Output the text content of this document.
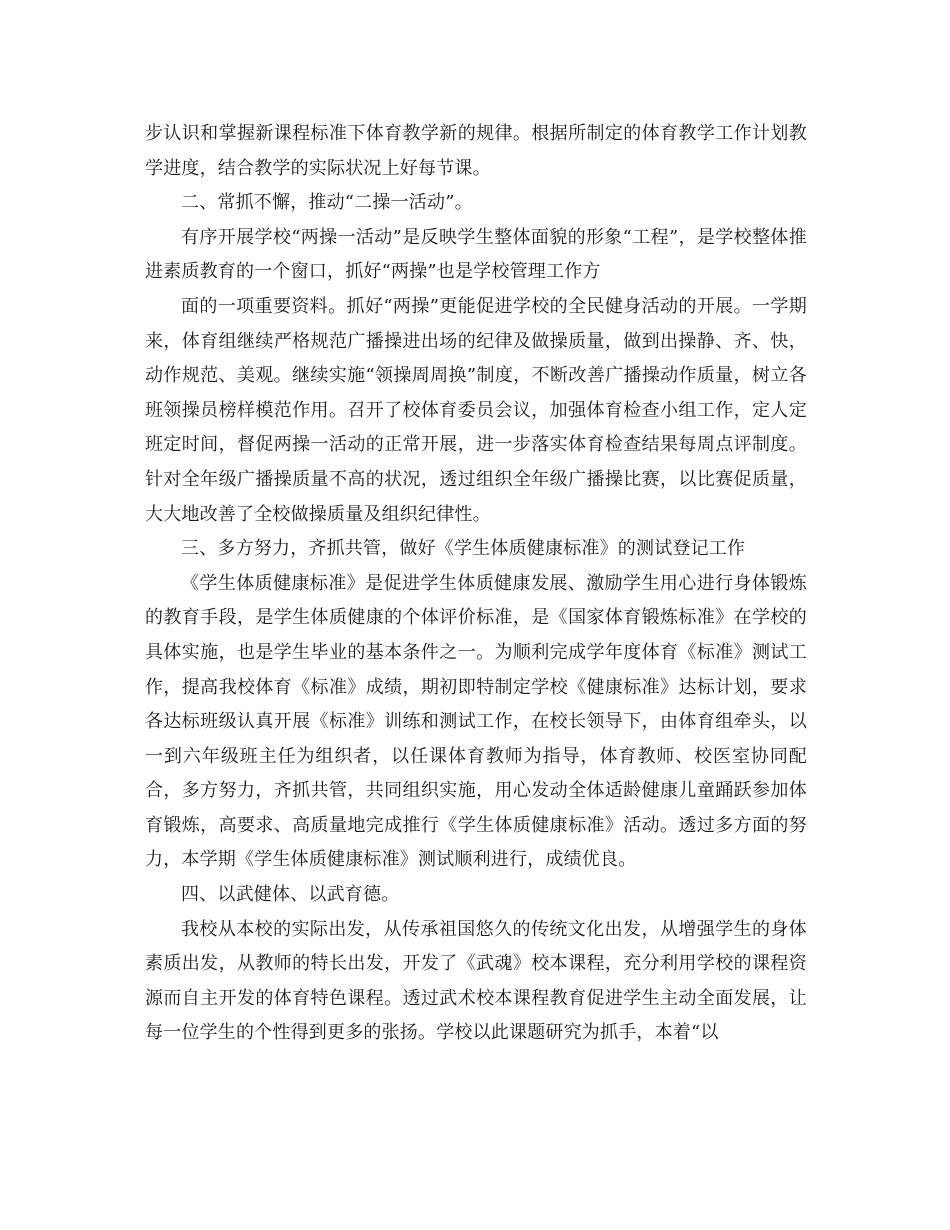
步认识和掌握新课程标准下体育教学新的规律。根据所制定的体育教学工作计划教学进度，结合教学的实际状况上好每节课。

二、常抓不懈，推动“二操一活动”。

有序开展学校“两操一活动”是反映学生整体面貌的形象“工程”，是学校整体推进素质教育的一个窗口，抓好“两操”也是学校管理工作方

面的一项重要资料。抓好“两操”更能促进学校的全民健身活动的开展。一学期来，体育组继续严格规范广播操进出场的纪律及做操质量，做到出操静、齐、快，动作规范、美观。继续实施“领操周周换”制度，不断改善广播操动作质量，树立各班领操员榜样模范作用。召开了校体育委员会议，加强体育检查小组工作，定人定班定时间，督促两操一活动的正常开展，进一步落实体育检查结果每周点评制度。针对全年级广播操质量不高的状况，透过组织全年级广播操比赛，以比赛促质量，大大地改善了全校做操质量及组织纪律性。

三、多方努力，齐抓共管，做好《学生体质健康标准》的测试登记工作

《学生体质健康标准》是促进学生体质健康发展、激励学生用心进行身体锻炼的教育手段，是学生体质健康的个体评价标准，是《国家体育锻炼标准》在学校的具体实施，也是学生毕业的基本条件之一。为顺利完成学年度体育《标准》测试工作，提高我校体育《标准》成绩，期初即特制定学校《健康标准》达标计划，要求各达标班级认真开展《标准》训练和测试工作，在校长领导下，由体育组牵头，以一到六年级班主任为组织者，以任课体育教师为指导，体育教师、校医室协同配合，多方努力，齐抓共管，共同组织实施，用心发动全体适龄健康儿童踊跃参加体育锻炼，高要求、高质量地完成推行《学生体质健康标准》活动。透过多方面的努力，本学期《学生体质健康标准》测试顺利进行，成绩优良。

四、以武健体、以武育德。

我校从本校的实际出发，从传承祖国悠久的传统文化出发，从增强学生的身体素质出发，从教师的特长出发，开发了《武魂》校本课程，充分利用学校的课程资源而自主开发的体育特色课程。透过武术校本课程教育促进学生主动全面发展，让每一位学生的个性得到更多的张扬。学校以此课题研究为抓手，本着“以
